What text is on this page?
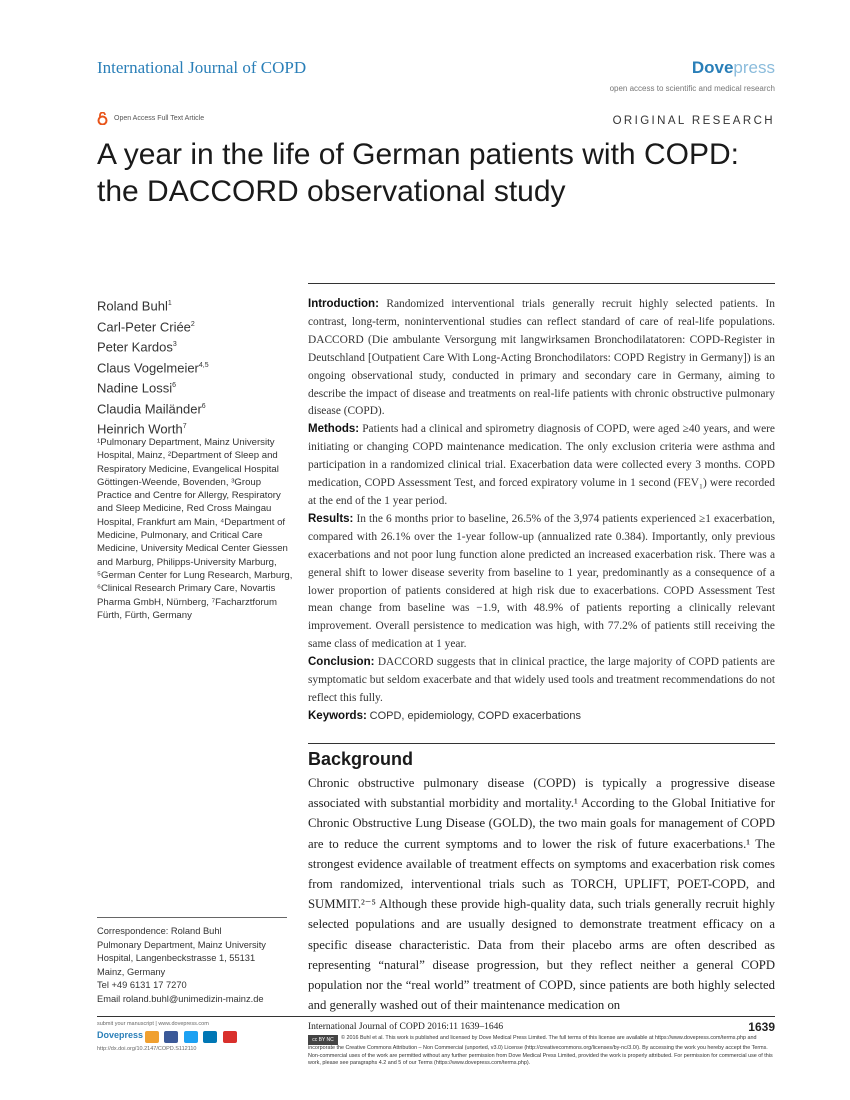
International Journal of COPD	Dovepress
open access to scientific and medical research
Open Access Full Text Article	ORIGINAL RESEARCH
A year in the life of German patients with COPD: the DACCORD observational study
Roland Buhl$^1$
Carl-Peter Criée$^2$
Peter Kardos$^3$
Claus Vogelmeier$^{4,5}$
Nadine Lossi$^6$
Claudia Mailänder$^6$
Heinrich Worth$^7$
¹Pulmonary Department, Mainz University Hospital, Mainz, ²Department of Sleep and Respiratory Medicine, Evangelical Hospital Göttingen-Weende, Bovenden, ³Group Practice and Centre for Allergy, Respiratory and Sleep Medicine, Red Cross Maingau Hospital, Frankfurt am Main, ⁴Department of Medicine, Pulmonary, and Critical Care Medicine, University Medical Center Giessen and Marburg, Philipps-University Marburg, ⁵German Center for Lung Research, Marburg, ⁶Clinical Research Primary Care, Novartis Pharma GmbH, Nürnberg, ⁷Facharztforum Fürth, Fürth, Germany
Introduction: Randomized interventional trials generally recruit highly selected patients. In contrast, long-term, noninterventional studies can reflect standard of care of real-life populations. DACCORD (Die ambulante Versorgung mit langwirksamen Bronchodilatatoren: COPD-Register in Deutschland [Outpatient Care With Long-Acting Bronchodilators: COPD Registry in Germany]) is an ongoing observational study, conducted in primary and secondary care in Germany, aiming to describe the impact of disease and treatments on real-life patients with chronic obstructive pulmonary disease (COPD).
Methods: Patients had a clinical and spirometry diagnosis of COPD, were aged ≥40 years, and were initiating or changing COPD maintenance medication. The only exclusion criteria were asthma and participation in a randomized clinical trial. Exacerbation data were collected every 3 months. COPD medication, COPD Assessment Test, and forced expiratory volume in 1 second (FEV₁) were recorded at the end of the 1 year period.
Results: In the 6 months prior to baseline, 26.5% of the 3,974 patients experienced ≥1 exacerbation, compared with 26.1% over the 1-year follow-up (annualized rate 0.384). Importantly, only previous exacerbations and not poor lung function alone predicted an increased exacerbation risk. There was a general shift to lower disease severity from baseline to 1 year, predominantly as a consequence of a lower proportion of patients considered at high risk due to exacerbations. COPD Assessment Test mean change from baseline was −1.9, with 48.9% of patients reporting a clinically relevant improvement. Overall persistence to medication was high, with 77.2% of patients still receiving the same class of medication at 1 year.
Conclusion: DACCORD suggests that in clinical practice, the large majority of COPD patients are symptomatic but seldom exacerbate and that widely used tools and treatment recommendations do not reflect this fully.
Keywords: COPD, epidemiology, COPD exacerbations
Background
Chronic obstructive pulmonary disease (COPD) is typically a progressive disease associated with substantial morbidity and mortality.¹ According to the Global Initiative for Chronic Obstructive Lung Disease (GOLD), the two main goals for management of COPD are to reduce the current symptoms and to lower the risk of future exacerbations.¹ The strongest evidence available of treatment effects on symptoms and exacerbation risk comes from randomized, interventional trials such as TORCH, UPLIFT, POET-COPD, and SUMMIT.²⁻⁵ Although these provide high-quality data, such trials generally recruit highly selected populations and are usually designed to demonstrate treatment efficacy on a specific disease characteristic. Data from their placebo arms are often described as representing “natural” disease progression, but they reflect neither a general COPD population nor the “real world” treatment of COPD, since patients are both highly selected and generally washed out of their maintenance medication on
Correspondence: Roland Buhl
Pulmonary Department, Mainz University
Hospital, Langenbeckstrasse 1, 55131
Mainz, Germany
Tel +49 6131 17 7270
Email roland.buhl@unimedizin-mainz.de
submit your manuscript | www.dovepress.com
Dovepress
http://dx.doi.org/10.2147/COPD.S112110
International Journal of COPD 2016:11 1639–1646	1639
cc BY NC © 2016 Buhl et al. This work is published and licensed by Dove Medical Press Limited. The full terms of this license are available at https://www.dovepress.com/terms.php and incorporate the Creative Commons Attribution – Non Commercial (unported, v3.0) License (http://creativecommons.org/licenses/by-nc/3.0/). By accessing the work you hereby accept the Terms. Non-commercial uses of the work are permitted without any further permission from Dove Medical Press Limited, provided the work is properly attributed. For permission for commercial use of this work, please see paragraphs 4.2 and 5 of our Terms (https://www.dovepress.com/terms.php).
